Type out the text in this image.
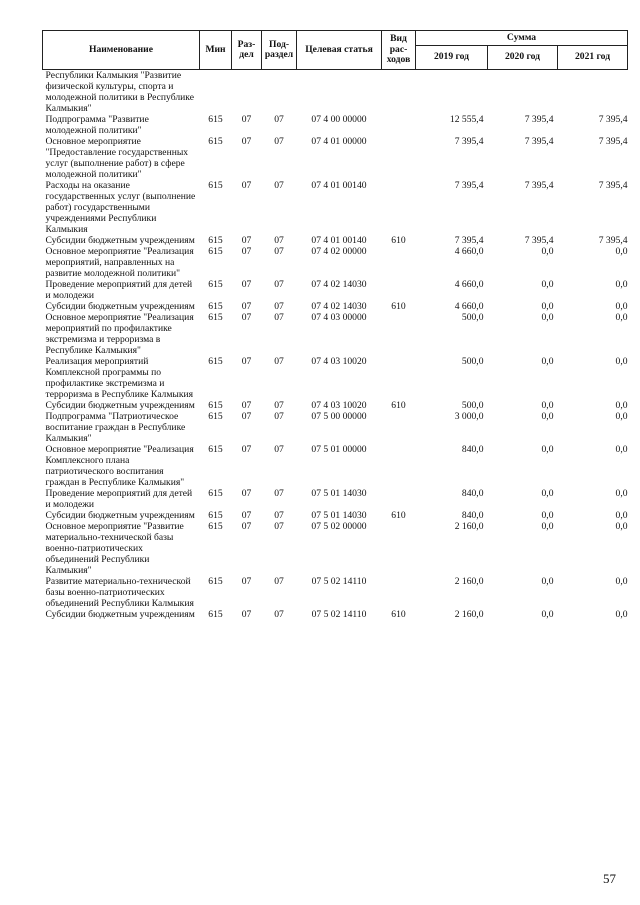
Наименование	Мин	Раз-дел	Под-раздел	Целевая статья	Вид рас-ходов	Сумма		
						2019 год	2020 год	2021 год
Республики Калмыкия "Развитие физической культуры, спорта и молодежной политики в Республике Калмыкия"								
Подпрограмма "Развитие молодежной политики"	615	07	07	07 4 00 00000		12 555,4	7 395,4	7 395,4
Основное мероприятие "Предоставление государственных услуг (выполнение работ) в сфере молодежной политики"	615	07	07	07 4 01 00000		7 395,4	7 395,4	7 395,4
Расходы на оказание государственных услуг (выполнение работ) государственными учреждениями Республики Калмыкия	615	07	07	07 4 01 00140		7 395,4	7 395,4	7 395,4
Субсидии бюджетным учреждениям	615	07	07	07 4 01 00140	610	7 395,4	7 395,4	7 395,4
Основное мероприятие "Реализация мероприятий, направленных на развитие молодежной политики"	615	07	07	07 4 02 00000		4 660,0	0,0	0,0
Проведение мероприятий для детей и молодежи	615	07	07	07 4 02 14030		4 660,0	0,0	0,0
Субсидии бюджетным учреждениям	615	07	07	07 4 02 14030	610	4 660,0	0,0	0,0
Основное мероприятие "Реализация мероприятий по профилактике экстремизма и терроризма в Республике Калмыкия"	615	07	07	07 4 03 00000		500,0	0,0	0,0
Реализация мероприятий Комплексной программы по профилактике экстремизма и терроризма в Республике Калмыкия	615	07	07	07 4 03 10020		500,0	0,0	0,0
Субсидии бюджетным учреждениям	615	07	07	07 4 03 10020	610	500,0	0,0	0,0
Подпрограмма "Патриотическое воспитание граждан в Республике Калмыкия"	615	07	07	07 5 00 00000		3 000,0	0,0	0,0
Основное мероприятие "Реализация Комплексного плана патриотического воспитания граждан в Республике Калмыкия"	615	07	07	07 5 01 00000		840,0	0,0	0,0
Проведение мероприятий для детей и молодежи	615	07	07	07 5 01 14030		840,0	0,0	0,0
Субсидии бюджетным учреждениям	615	07	07	07 5 01 14030	610	840,0	0,0	0,0
Основное мероприятие "Развитие материально-технической базы военно-патриотических объединений Республики Калмыкия"	615	07	07	07 5 02 00000		2 160,0	0,0	0,0
Развитие материально-технической базы военно-патриотических объединений Республики Калмыкия	615	07	07	07 5 02 14110		2 160,0	0,0	0,0
Субсидии бюджетным учреждениям	615	07	07	07 5 02 14110	610	2 160,0	0,0	0,0
57
